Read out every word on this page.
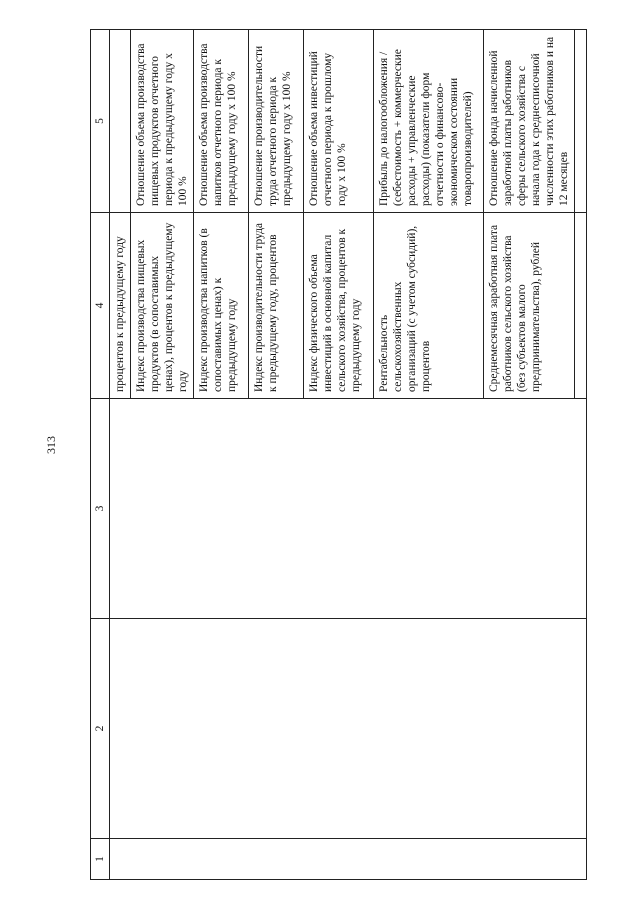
313
1	2	3	4	5
			процентов к предыдущему году	
			Индекс производства пищевых продуктов (в сопоставимых ценах), процентов к предыдущему году	Отношение объема производства пищевых продуктов отчетного периода к предыдущему году х 100 %
			Индекс производства напитков (в сопоставимых ценах) к предыдущему году	Отношение объема производства напитков отчетного периода к предыдущему году х 100 %
			Индекс производительности труда к предыдущему году, процентов	Отношение производительности труда отчетного периода к предыдущему году х 100 %
			Индекс физического объема инвестиций в основной капитал сельского хозяйства, процентов к предыдущему году	Отношение объема инвестиций отчетного периода к прошлому году х 100 %
			Рентабельность сельскохозяйственных организаций (с учетом субсидий), процентов	Прибыль до налогообложения / (себестоимость + коммерческие расходы + управленческие расходы) (показатели форм отчетности о финансово-экономическом состоянии товаропроизводителей)
			Среднемесячная заработная плата работников сельского хозяйства (без субъектов малого предпринимательства), рублей	Отношение фонда начисленной заработной платы работников сферы сельского хозяйства с начала года к среднесписочной численности этих работников и на 12 месяцев
